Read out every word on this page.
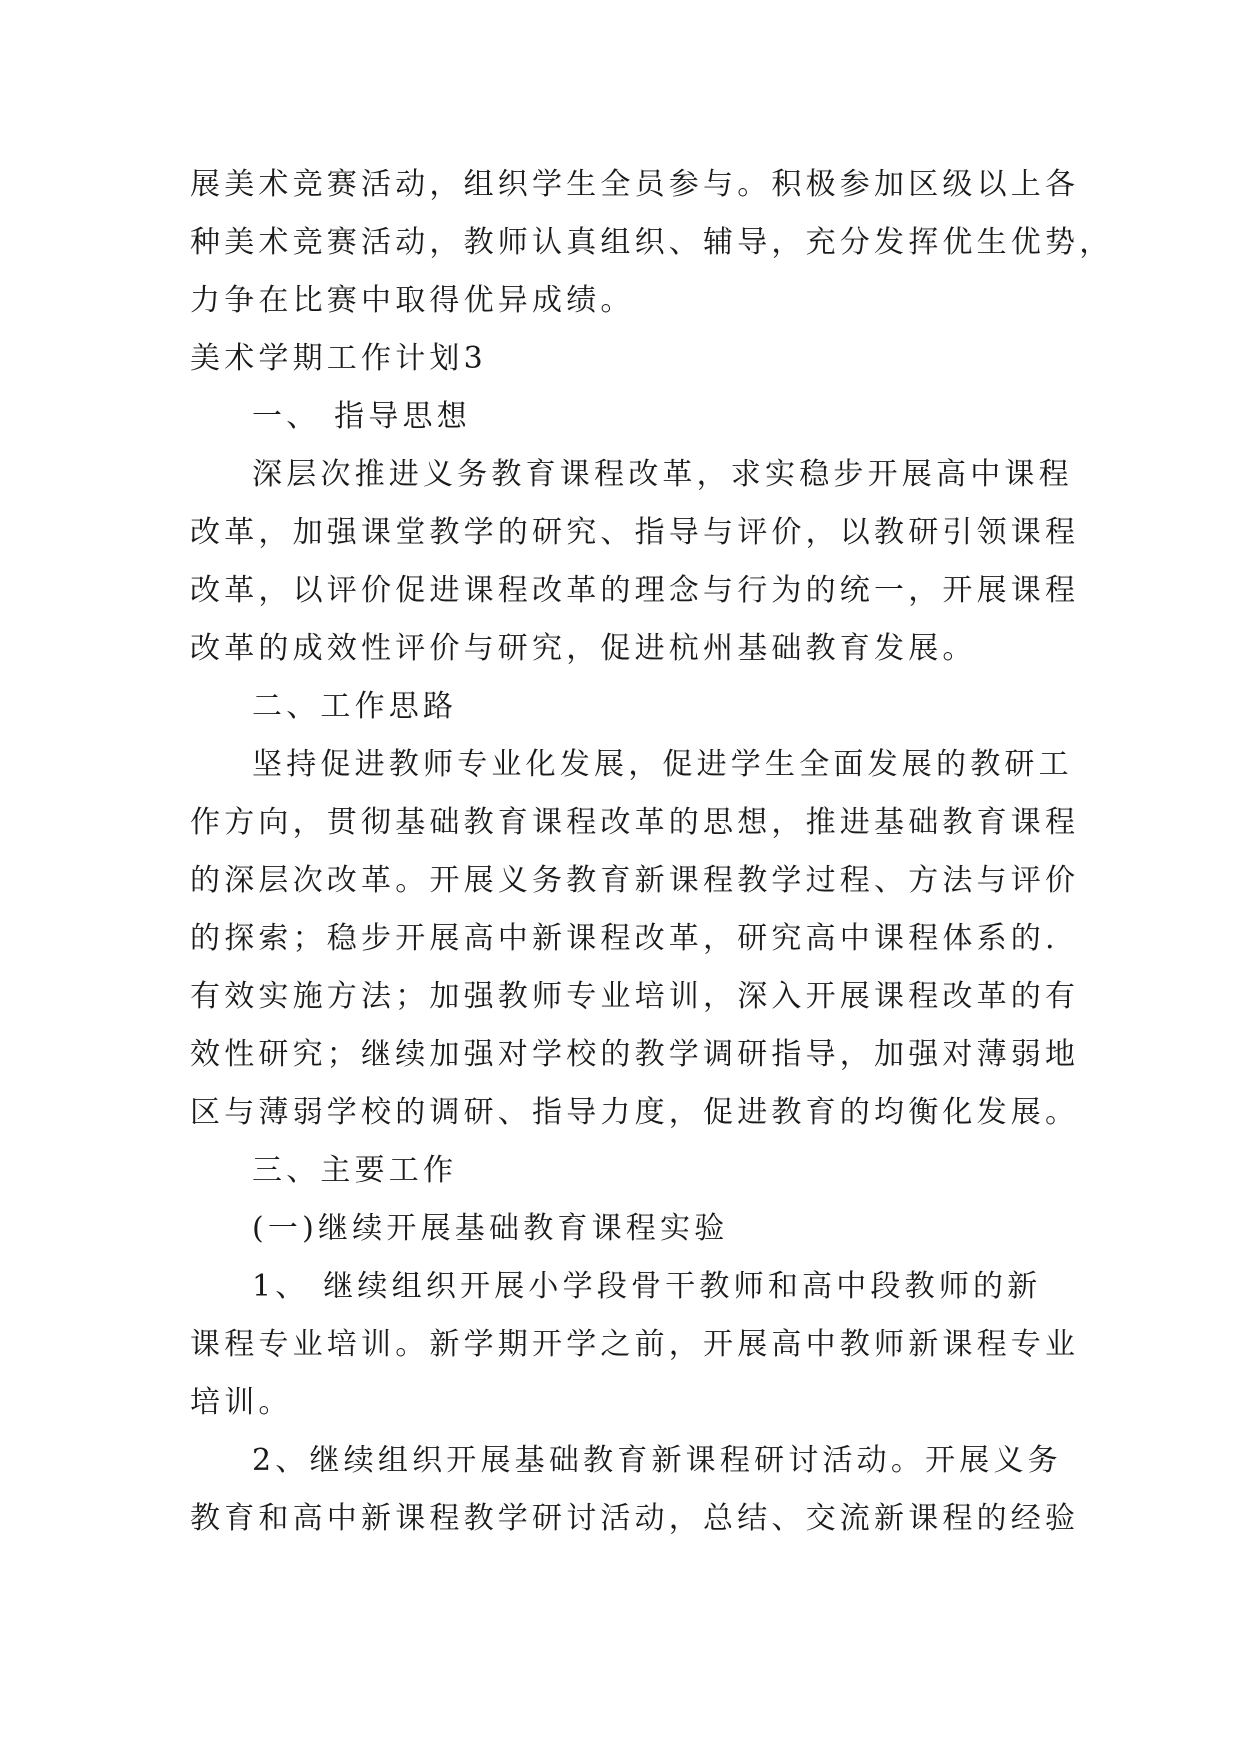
展美术竞赛活动，组织学生全员参与。积极参加区级以上各
种美术竞赛活动，教师认真组织、辅导，充分发挥优生优势，
力争在比赛中取得优异成绩。
美术学期工作计划3
一、 指导思想
深层次推进义务教育课程改革，求实稳步开展高中课程
改革，加强课堂教学的研究、指导与评价，以教研引领课程
改革，以评价促进课程改革的理念与行为的统一，开展课程
改革的成效性评价与研究，促进杭州基础教育发展。
二、工作思路
坚持促进教师专业化发展，促进学生全面发展的教研工
作方向，贯彻基础教育课程改革的思想，推进基础教育课程
的深层次改革。开展义务教育新课程教学过程、方法与评价
的探索；稳步开展高中新课程改革，研究高中课程体系的.
有效实施方法；加强教师专业培训，深入开展课程改革的有
效性研究；继续加强对学校的教学调研指导，加强对薄弱地
区与薄弱学校的调研、指导力度，促进教育的均衡化发展。
三、主要工作
(一)继续开展基础教育课程实验
1、 继续组织开展小学段骨干教师和高中段教师的新
课程专业培训。新学期开学之前，开展高中教师新课程专业
培训。
2、继续组织开展基础教育新课程研讨活动。开展义务
教育和高中新课程教学研讨活动，总结、交流新课程的经验
